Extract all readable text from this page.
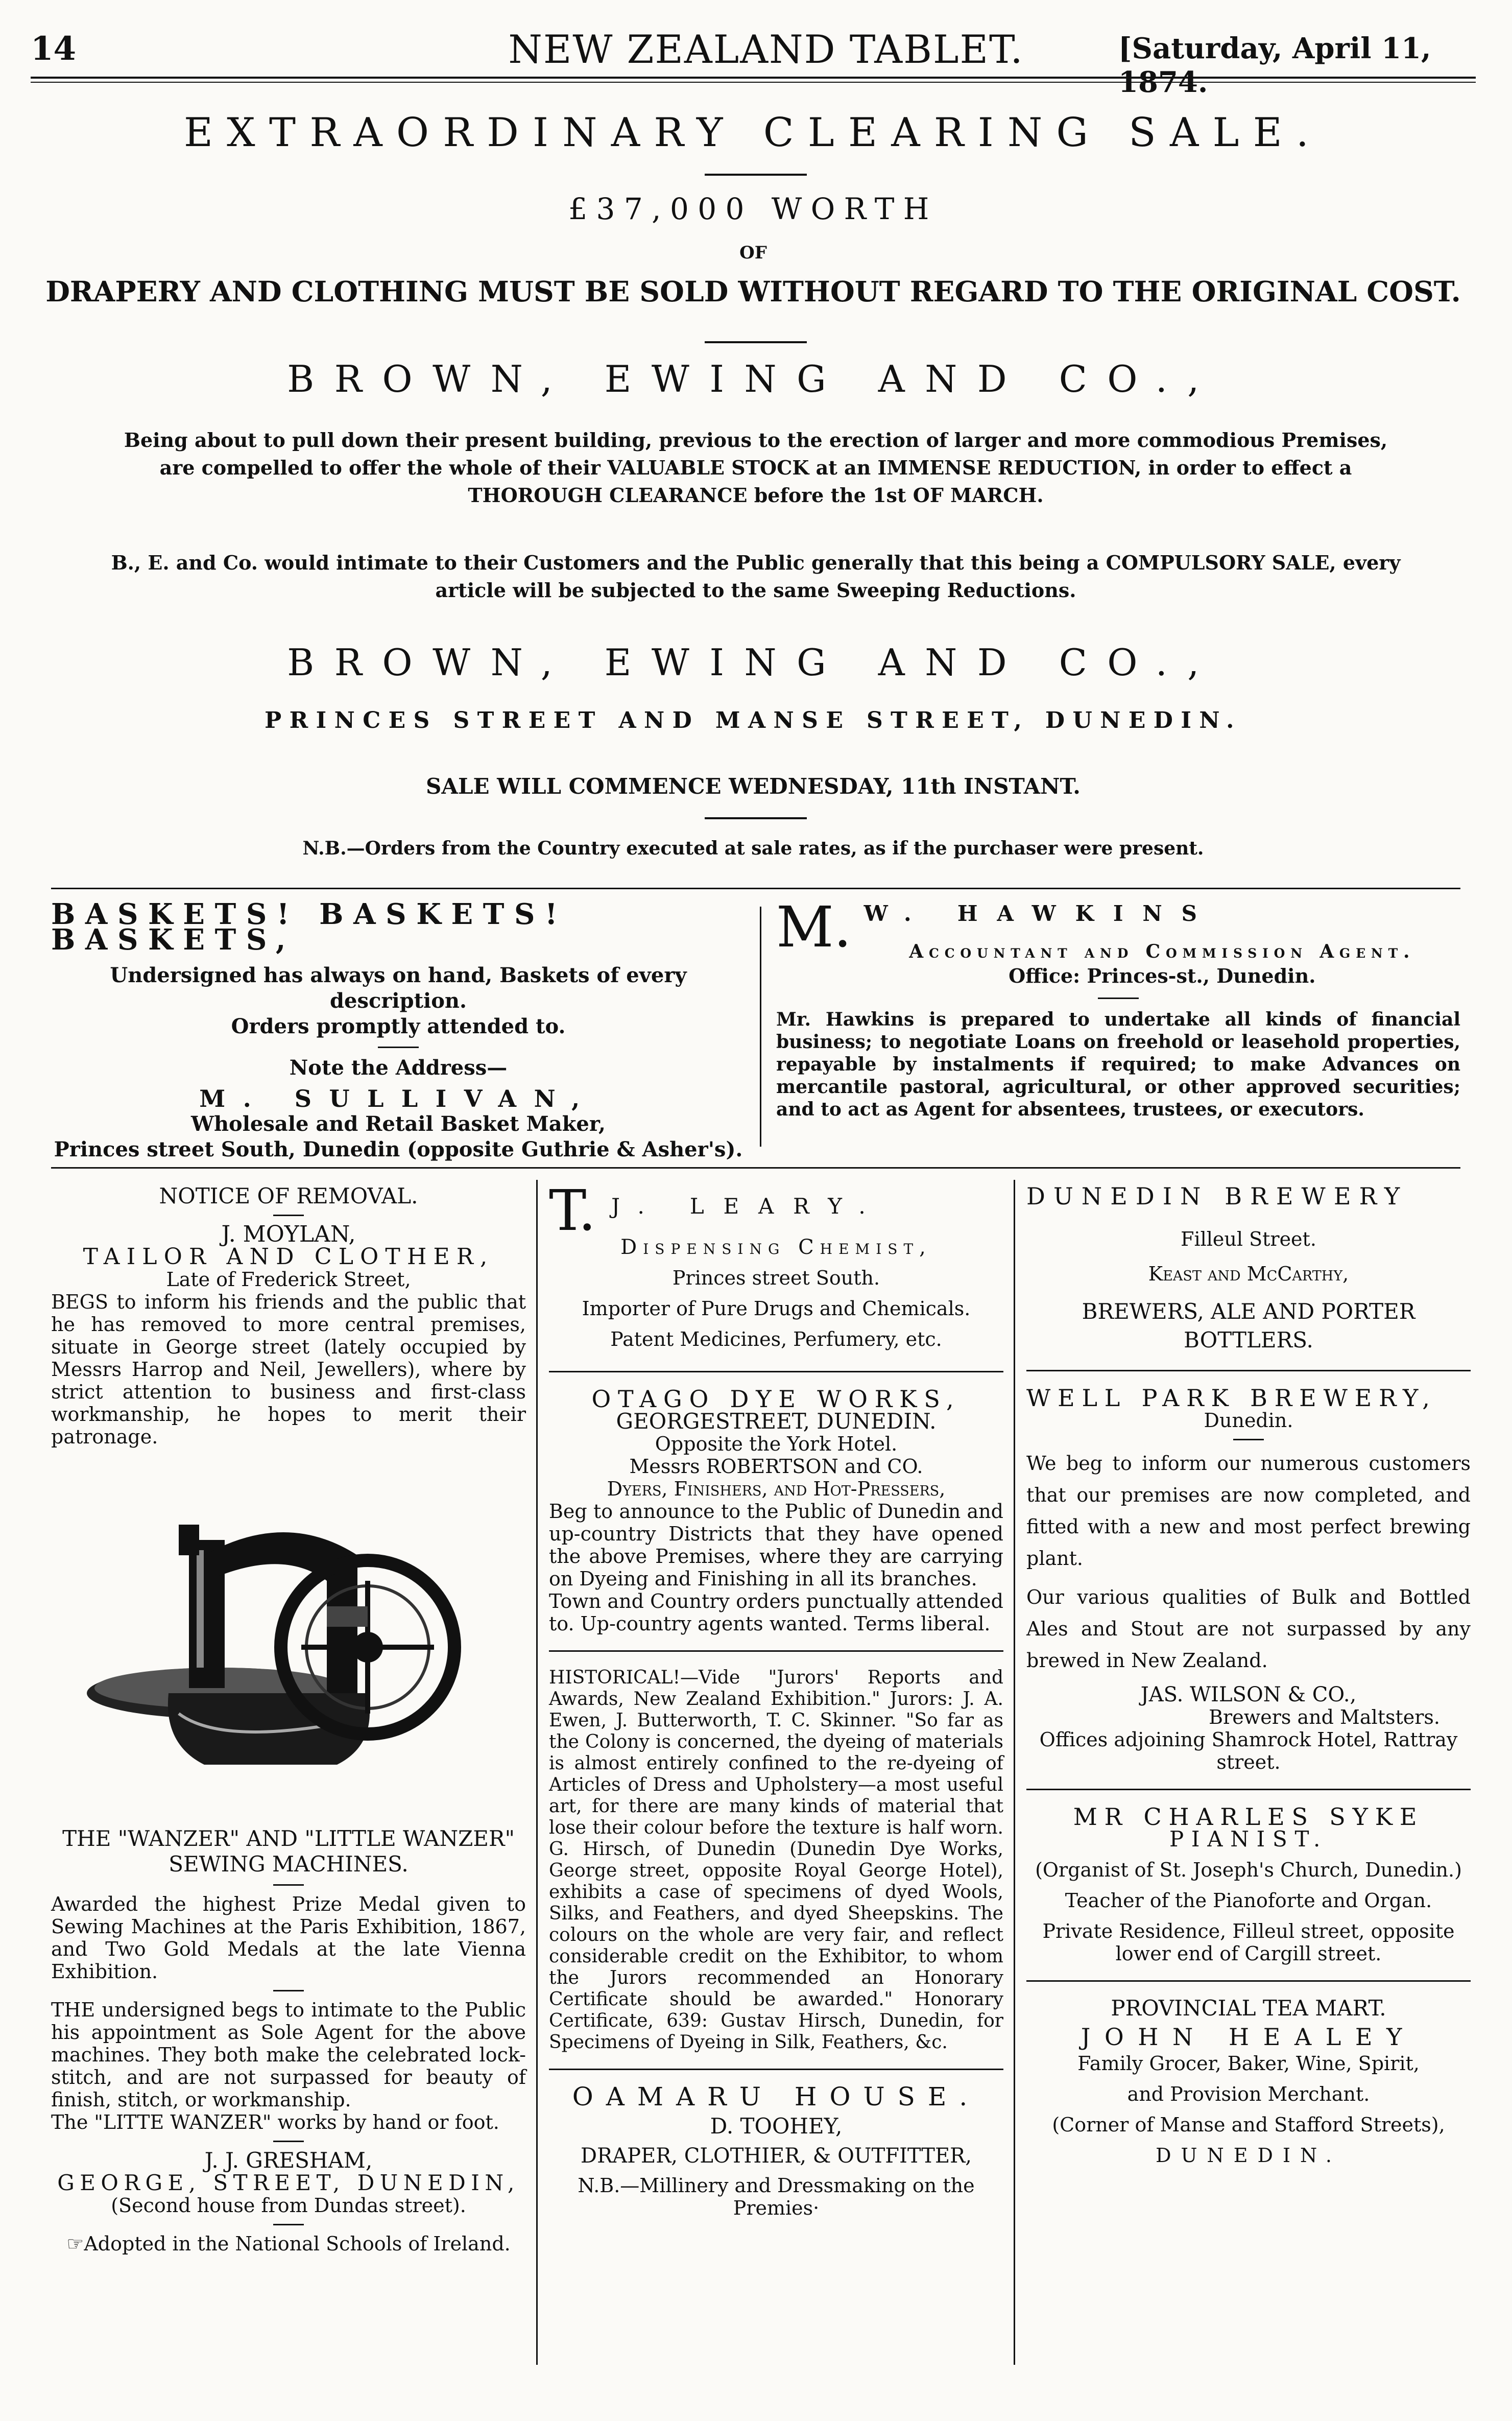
14	NEW ZEALAND TABLET.	[Saturday, April 11,
EXTRAORDINARY CLEARING SALE.
£37,000 WORTH
OF
DRAPERY AND CLOTHING MUST BE SOLD WITHOUT REGARD TO THE ORIGINAL COST.
BROWN, EWING AND CO.,
Being about to pull down their present building, previous to the erection of larger and more commodious Premises, are compelled to offer the whole of their VALUABLE STOCK at an IMMENSE REDUCTION, in order to effect a THOROUGH CLEARANCE before the 1st OF MARCH.
B., E. and Co. would intimate to their Customers and the Public generally that this being a COMPULSORY SALE, every article will be subjected to the same Sweeping Reductions.
BROWN, EWING AND CO.,
PRINCES STREET AND MANSE STREET, DUNEDIN.
SALE WILL COMMENCE WEDNESDAY, 11th INSTANT.
N.B.—Orders from the Country executed at sale rates, as if the purchaser were present.
BASKETS! BASKETS! BASKETS,
Undersigned has always on hand, Baskets of every description.
Orders promptly attended to.
Note the Address—
M. SULLIVAN,
Wholesale and Retail Basket Maker,
Princes street South, Dunedin (opposite Guthrie & Asher's).
M. W. HAWKINS
Accountant and Commission Agent.
Office: Princes-st., Dunedin.
Mr. Hawkins is prepared to undertake all kinds of financial business; to negotiate Loans on freehold or leasehold properties, repayable by instalments if required; to make Advances on mercantile pastoral, agricultural, or other approved securities; and to act as Agent for absentees, trustees, or executors.
NOTICE OF REMOVAL.
J. MOYLAN,
TAILOR AND CLOTHER,
Late of Frederick Street,
BEGS to inform his friends and the public that he has removed to more central premises, situate in George street (lately occupied by Messrs Harrop and Neil, Jewellers), where by strict attention to business and first-class workmanship, he hopes to merit their patronage.
THE "WANZER" AND "LITTLE WANZER" SEWING MACHINES.
Awarded the highest Prize Medal given to Sewing Machines at the Paris Exhibition, 1867, and Two Gold Medals at the late Vienna Exhibition.
THE undersigned begs to intimate to the Public his appointment as Sole Agent for the above machines. They both make the celebrated lock-stitch, and are not surpassed for beauty of finish, stitch, or workmanship.
The "LITTE WANZER" works by hand or foot.
J. J. GRESHAM,
GEORGE, STREET, DUNEDIN,
(Second house from Dundas street).
☞Adopted in the National Schools of Ireland.
T. J. LEARY.
Dispensing Chemist,
Princes street South.
Importer of Pure Drugs and Chemicals.
Patent Medicines, Perfumery, etc.
OTAGO DYE WORKS,
GEORGESTREET, DUNEDIN.
Opposite the York Hotel.
Messrs ROBERTSON and CO.
Dyers, Finishers, and Hot-Pressers,
Beg to announce to the Public of Dunedin and up-country Districts that they have opened the above Premises, where they are carrying on Dyeing and Finishing in all its branches.
Town and Country orders punctually attended to. Up-country agents wanted. Terms liberal.
HISTORICAL!—Vide "Jurors' Reports and Awards, New Zealand Exhibition." Jurors: J. A. Ewen, J. Butterworth, T. C. Skinner. "So far as the Colony is concerned, the dyeing of materials is almost entirely confined to the re-dyeing of Articles of Dress and Upholstery—a most useful art, for there are many kinds of material that lose their colour before the texture is half worn. G. Hirsch, of Dunedin (Dunedin Dye Works, George street, opposite Royal George Hotel), exhibits a case of specimens of dyed Wools, Silks, and Feathers, and dyed Sheepskins. The colours on the whole are very fair, and reflect considerable credit on the Exhibitor, to whom the Jurors recommended an Honorary Certificate should be awarded." Honorary Certificate, 639: Gustav Hirsch, Dunedin, for Specimens of Dyeing in Silk, Feathers, &c.
OAMARU HOUSE.
D. TOOHEY,
DRAPER, CLOTHIER, & OUTFITTER,
N.B.—Millinery and Dressmaking on the Premies·
DUNEDIN BREWERY
Filleul Street.
Keast and McCarthy,
BREWERS, ALE AND PORTER BOTTLERS.
WELL PARK BREWERY,
Dunedin.
We beg to inform our numerous customers that our premises are now completed, and fitted with a new and most perfect brewing plant.
Our various qualities of Bulk and Bottled Ales and Stout are not surpassed by any brewed in New Zealand.
JAS. WILSON & CO.,
Brewers and Maltsters.
Offices adjoining Shamrock Hotel, Rattray street.
MR CHARLES SYKE
PIANIST.
(Organist of St. Joseph's Church, Dunedin.)
Teacher of the Pianoforte and Organ.
Private Residence, Filleul street, opposite lower end of Cargill street.
PROVINCIAL TEA MART.
JOHN HEALEY
Family Grocer, Baker, Wine, Spirit,
and Provision Merchant.
(Corner of Manse and Stafford Streets),
DUNEDIN.
